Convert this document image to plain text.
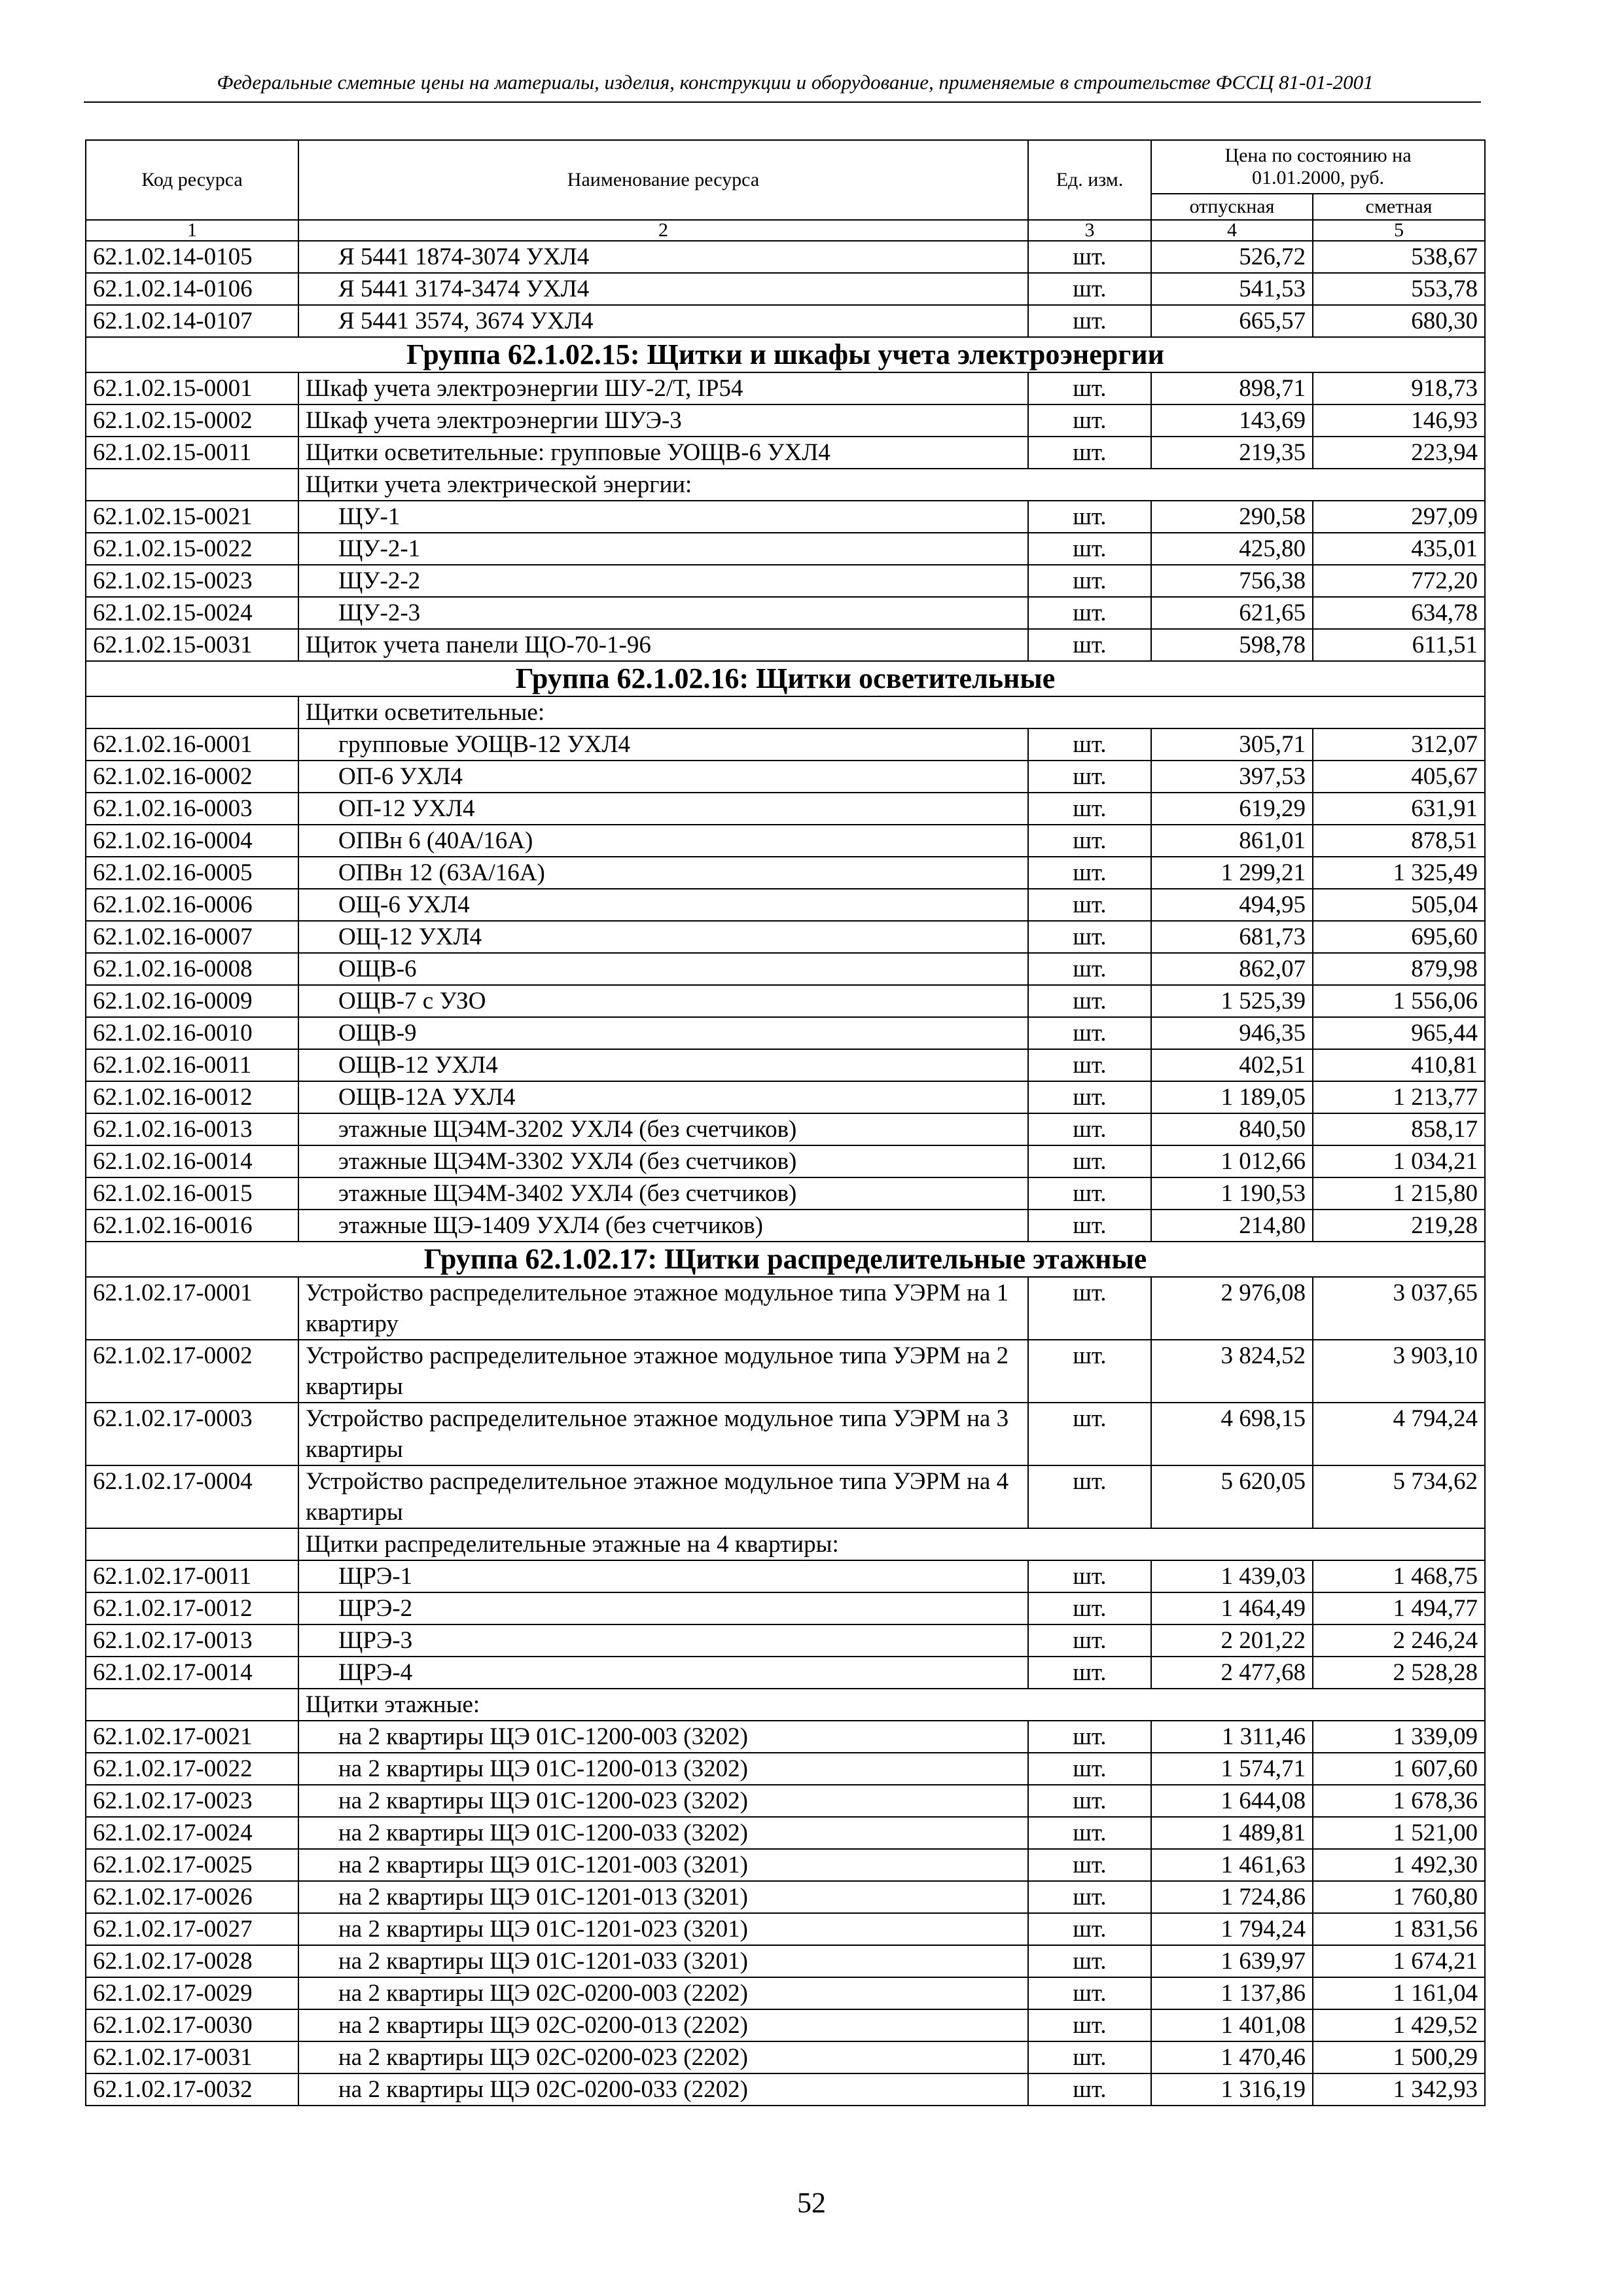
Федеральные сметные цены на материалы, изделия, конструкции и оборудование, применяемые в строительстве ФССЦ 81-01-2001
Код ресурса	Наименование ресурса	Ед. изм.	Цена по состоянию на 01.01.2000, руб.	
			отпускная	сметная
1	2	3	4	5
62.1.02.14-0105	Я 5441 1874-3074 УХЛ4	шт.	526,72	538,67
62.1.02.14-0106	Я 5441 3174-3474 УХЛ4	шт.	541,53	553,78
62.1.02.14-0107	Я 5441 3574, 3674 УХЛ4	шт.	665,57	680,30
Группа 62.1.02.15: Щитки и шкафы учета электроэнергии				
62.1.02.15-0001	Шкаф учета электроэнергии ШУ-2/Т, IP54	шт.	898,71	918,73
62.1.02.15-0002	Шкаф учета электроэнергии ШУЭ-3	шт.	143,69	146,93
62.1.02.15-0011	Щитки осветительные: групповые УОЩВ-6 УХЛ4	шт.	219,35	223,94
	Щитки учета электрической энергии:			
62.1.02.15-0021	ЩУ-1	шт.	290,58	297,09
62.1.02.15-0022	ЩУ-2-1	шт.	425,80	435,01
62.1.02.15-0023	ЩУ-2-2	шт.	756,38	772,20
62.1.02.15-0024	ЩУ-2-3	шт.	621,65	634,78
62.1.02.15-0031	Щиток учета панели ЩО-70-1-96	шт.	598,78	611,51
Группа 62.1.02.16: Щитки осветительные				
	Щитки осветительные:			
62.1.02.16-0001	групповые УОЩВ-12 УХЛ4	шт.	305,71	312,07
62.1.02.16-0002	ОП-6 УХЛ4	шт.	397,53	405,67
62.1.02.16-0003	ОП-12 УХЛ4	шт.	619,29	631,91
62.1.02.16-0004	ОПВн 6 (40А/16А)	шт.	861,01	878,51
62.1.02.16-0005	ОПВн 12 (63А/16А)	шт.	1 299,21	1 325,49
62.1.02.16-0006	ОЩ-6 УХЛ4	шт.	494,95	505,04
62.1.02.16-0007	ОЩ-12 УХЛ4	шт.	681,73	695,60
62.1.02.16-0008	ОЩВ-6	шт.	862,07	879,98
62.1.02.16-0009	ОЩВ-7 с УЗО	шт.	1 525,39	1 556,06
62.1.02.16-0010	ОЩВ-9	шт.	946,35	965,44
62.1.02.16-0011	ОЩВ-12 УХЛ4	шт.	402,51	410,81
62.1.02.16-0012	ОЩВ-12А УХЛ4	шт.	1 189,05	1 213,77
62.1.02.16-0013	этажные ЩЭ4М-3202 УХЛ4 (без счетчиков)	шт.	840,50	858,17
62.1.02.16-0014	этажные ЩЭ4М-3302 УХЛ4 (без счетчиков)	шт.	1 012,66	1 034,21
62.1.02.16-0015	этажные ЩЭ4М-3402 УХЛ4 (без счетчиков)	шт.	1 190,53	1 215,80
62.1.02.16-0016	этажные ЩЭ-1409 УХЛ4 (без счетчиков)	шт.	214,80	219,28
Группа 62.1.02.17: Щитки распределительные этажные				
62.1.02.17-0001	Устройство распределительное этажное модульное типа УЭРМ на 1 квартиру	шт.	2 976,08	3 037,65
62.1.02.17-0002	Устройство распределительное этажное модульное типа УЭРМ на 2 квартиры	шт.	3 824,52	3 903,10
62.1.02.17-0003	Устройство распределительное этажное модульное типа УЭРМ на 3 квартиры	шт.	4 698,15	4 794,24
62.1.02.17-0004	Устройство распределительное этажное модульное типа УЭРМ на 4 квартиры	шт.	5 620,05	5 734,62
	Щитки распределительные этажные на 4 квартиры:			
62.1.02.17-0011	ЩРЭ-1	шт.	1 439,03	1 468,75
62.1.02.17-0012	ЩРЭ-2	шт.	1 464,49	1 494,77
62.1.02.17-0013	ЩРЭ-3	шт.	2 201,22	2 246,24
62.1.02.17-0014	ЩРЭ-4	шт.	2 477,68	2 528,28
	Щитки этажные:			
62.1.02.17-0021	на 2 квартиры ЩЭ 01С-1200-003 (3202)	шт.	1 311,46	1 339,09
62.1.02.17-0022	на 2 квартиры ЩЭ 01С-1200-013 (3202)	шт.	1 574,71	1 607,60
62.1.02.17-0023	на 2 квартиры ЩЭ 01С-1200-023 (3202)	шт.	1 644,08	1 678,36
62.1.02.17-0024	на 2 квартиры ЩЭ 01С-1200-033 (3202)	шт.	1 489,81	1 521,00
62.1.02.17-0025	на 2 квартиры ЩЭ 01С-1201-003 (3201)	шт.	1 461,63	1 492,30
62.1.02.17-0026	на 2 квартиры ЩЭ 01С-1201-013 (3201)	шт.	1 724,86	1 760,80
62.1.02.17-0027	на 2 квартиры ЩЭ 01С-1201-023 (3201)	шт.	1 794,24	1 831,56
62.1.02.17-0028	на 2 квартиры ЩЭ 01С-1201-033 (3201)	шт.	1 639,97	1 674,21
62.1.02.17-0029	на 2 квартиры ЩЭ 02С-0200-003 (2202)	шт.	1 137,86	1 161,04
62.1.02.17-0030	на 2 квартиры ЩЭ 02С-0200-013 (2202)	шт.	1 401,08	1 429,52
62.1.02.17-0031	на 2 квартиры ЩЭ 02С-0200-023 (2202)	шт.	1 470,46	1 500,29
62.1.02.17-0032	на 2 квартиры ЩЭ 02С-0200-033 (2202)	шт.	1 316,19	1 342,93
52
